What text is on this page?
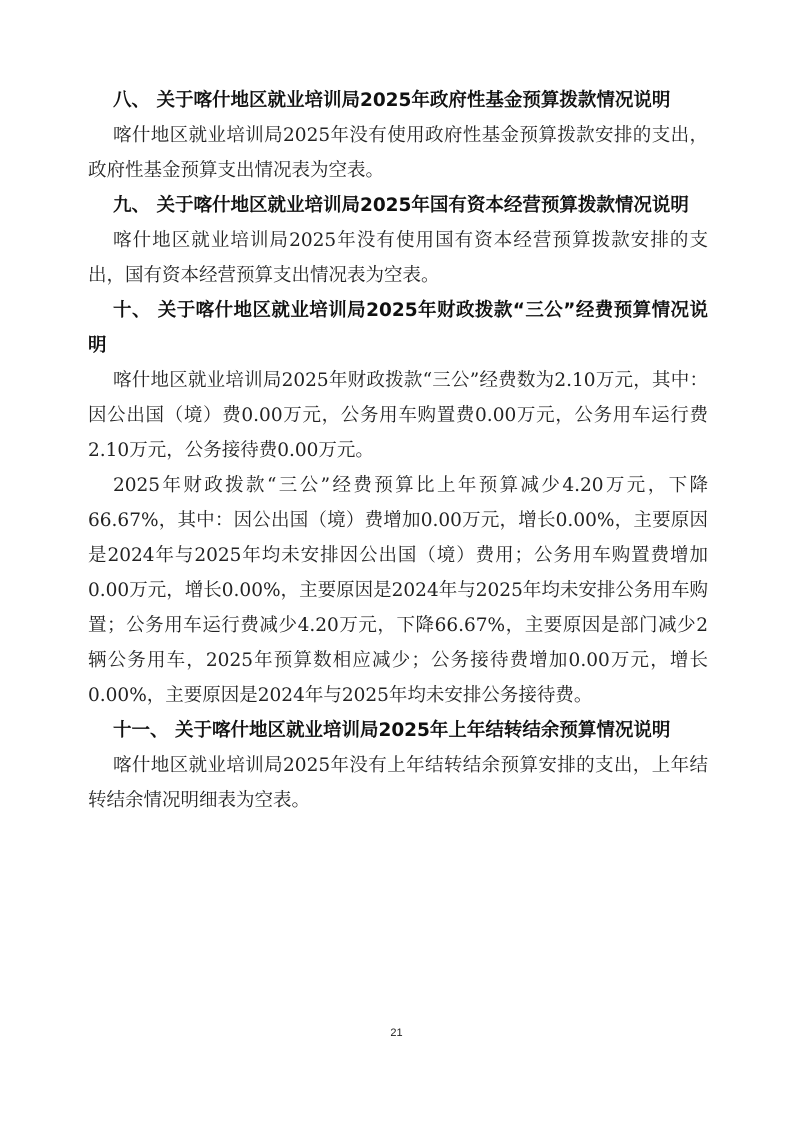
八、 关于喀什地区就业培训局2025年政府性基金预算拨款情况说明

喀什地区就业培训局2025年没有使用政府性基金预算拨款安排的支出，政府性基金预算支出情况表为空表。

九、 关于喀什地区就业培训局2025年国有资本经营预算拨款情况说明

喀什地区就业培训局2025年没有使用国有资本经营预算拨款安排的支出，国有资本经营预算支出情况表为空表。

十、 关于喀什地区就业培训局2025年财政拨款“三公”经费预算情况说明

喀什地区就业培训局2025年财政拨款“三公”经费数为2.10万元，其中：因公出国（境）费0.00万元，公务用车购置费0.00万元，公务用车运行费2.10万元，公务接待费0.00万元。

2025年财政拨款“三公”经费预算比上年预算减少4.20万元，下降66.67%，其中：因公出国（境）费增加0.00万元，增长0.00%，主要原因是2024年与2025年均未安排因公出国（境）费用；公务用车购置费增加0.00万元，增长0.00%，主要原因是2024年与2025年均未安排公务用车购置；公务用车运行费减少4.20万元，下降66.67%，主要原因是部门减少2辆公务用车，2025年预算数相应减少；公务接待费增加0.00万元，增长0.00%，主要原因是2024年与2025年均未安排公务接待费。

十一、 关于喀什地区就业培训局2025年上年结转结余预算情况说明

喀什地区就业培训局2025年没有上年结转结余预算安排的支出，上年结转结余情况明细表为空表。

21
